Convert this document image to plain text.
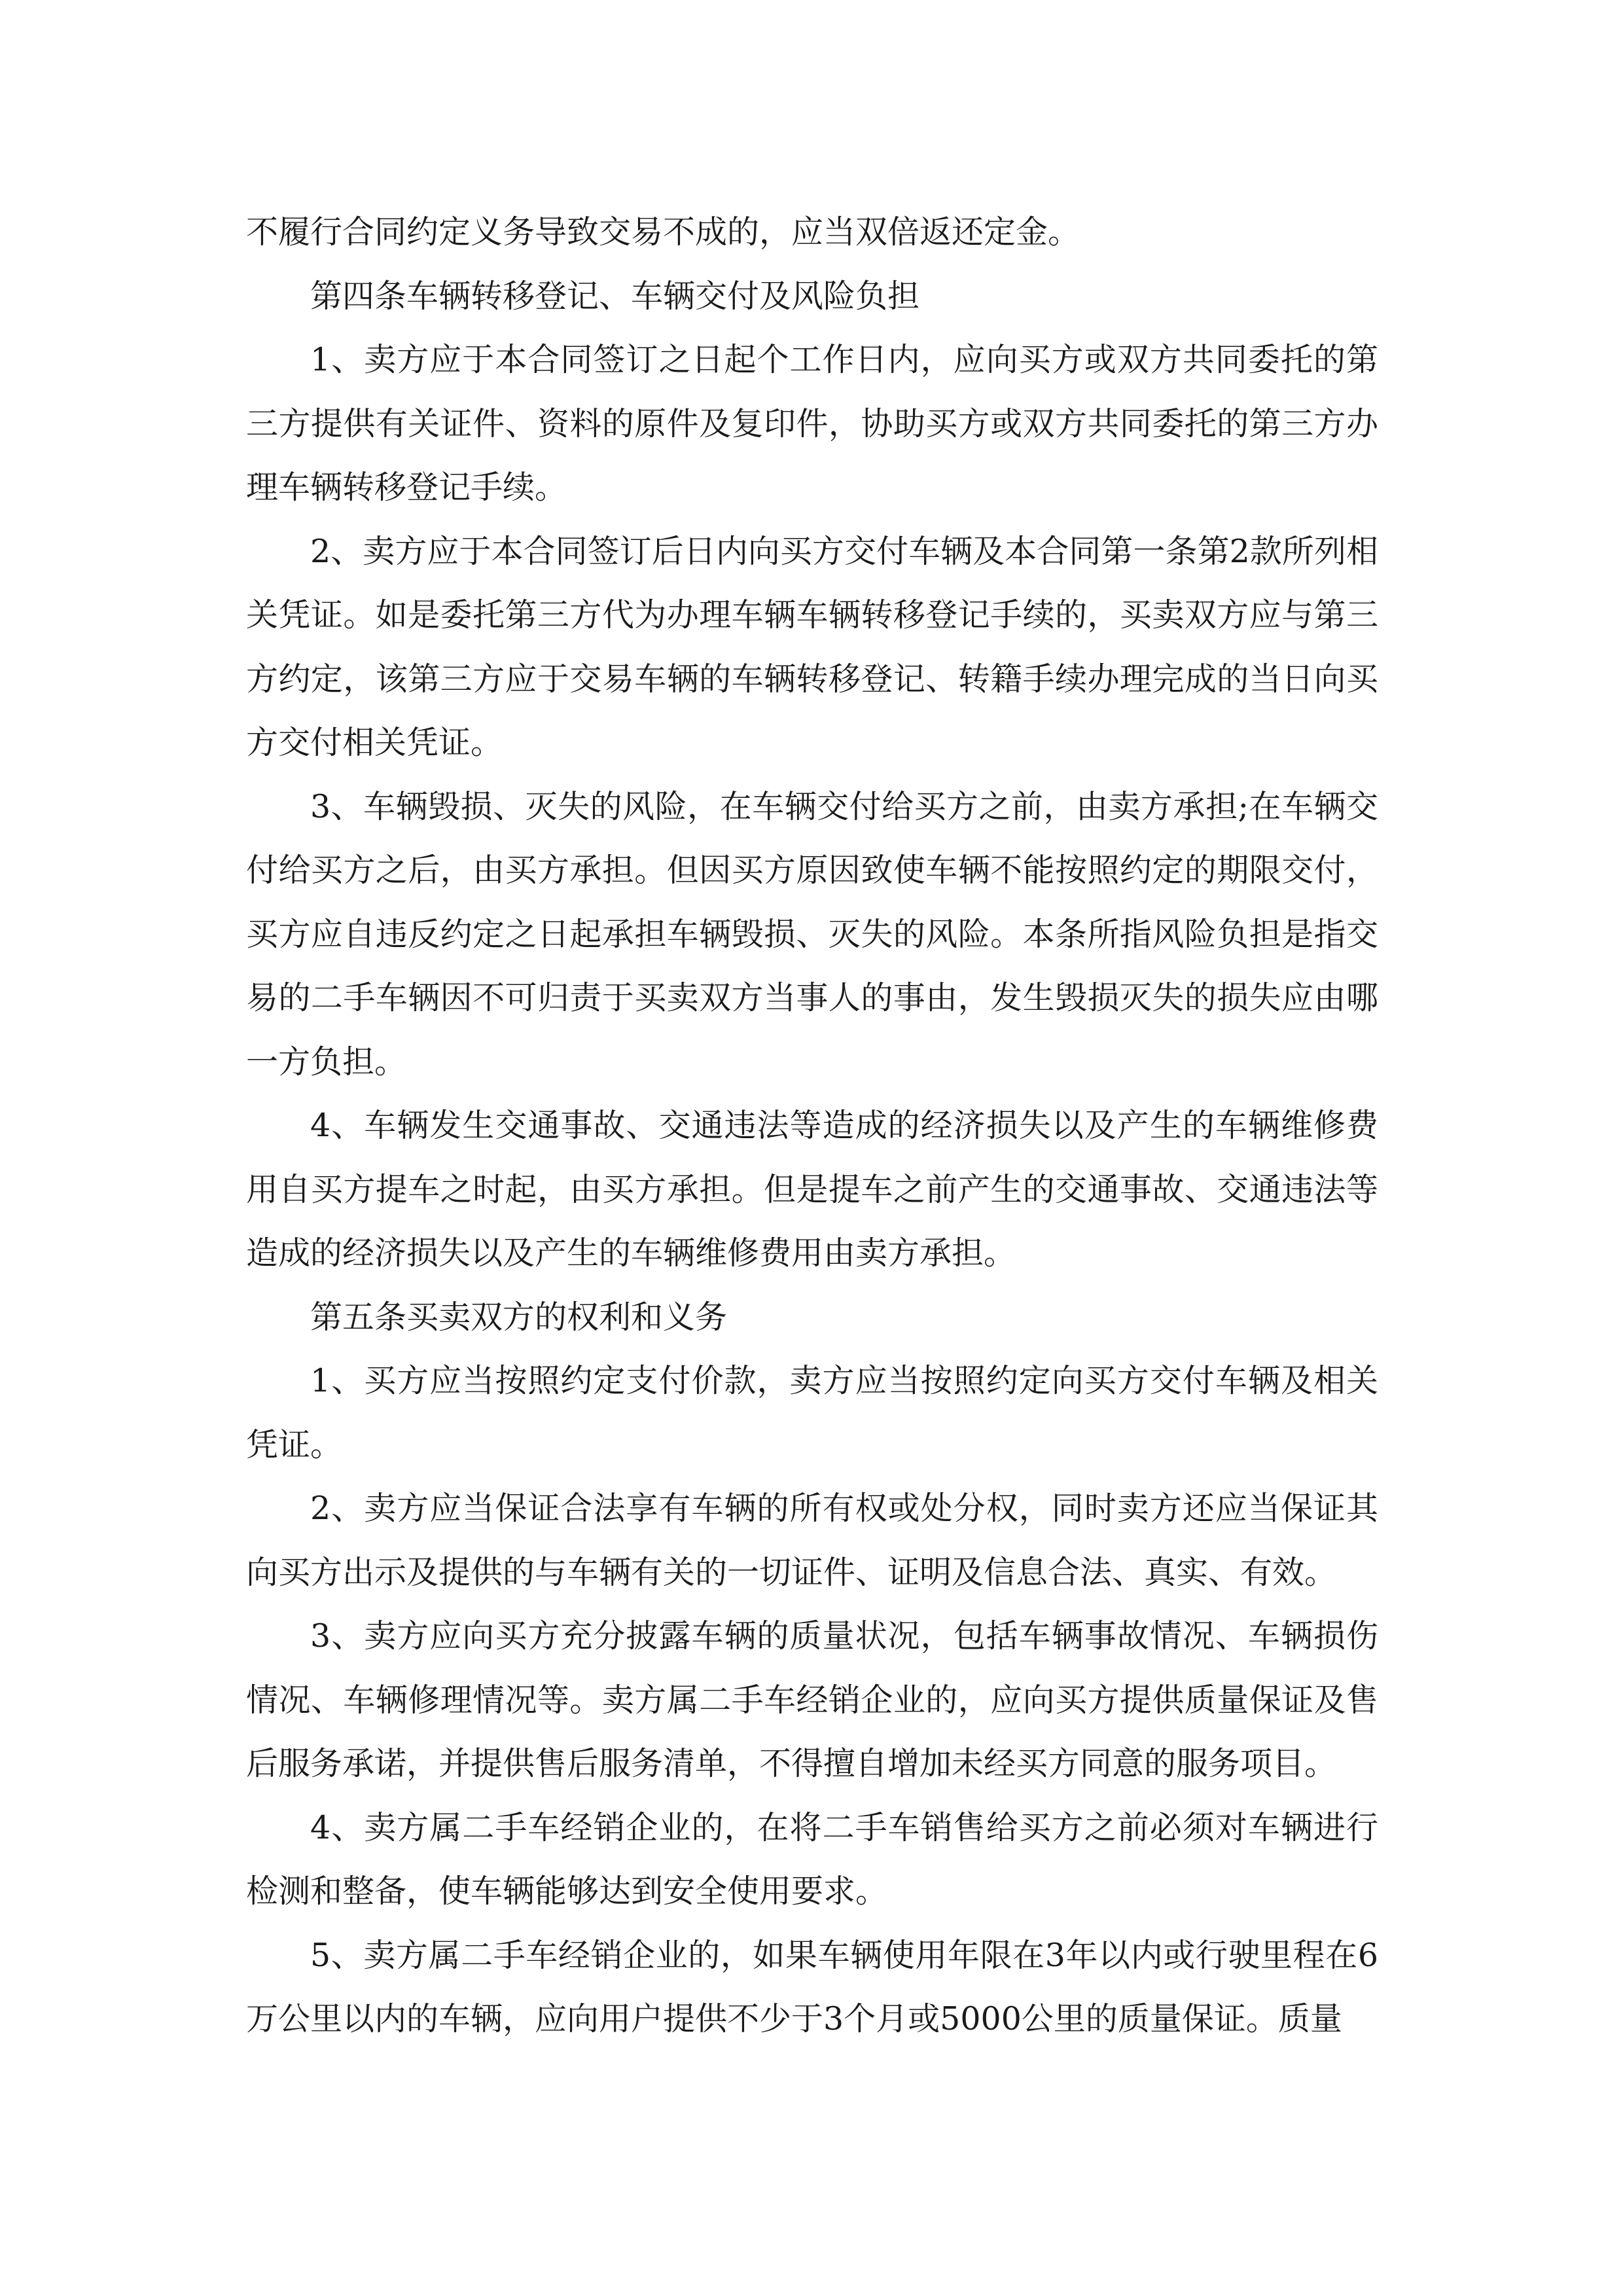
不履行合同约定义务导致交易不成的，应当双倍返还定金。

第四条车辆转移登记、车辆交付及风险负担

1、卖方应于本合同签订之日起个工作日内，应向买方或双方共同委托的第三方提供有关证件、资料的原件及复印件，协助买方或双方共同委托的第三方办理车辆转移登记手续。

2、卖方应于本合同签订后日内向买方交付车辆及本合同第一条第2款所列相关凭证。如是委托第三方代为办理车辆车辆转移登记手续的，买卖双方应与第三方约定，该第三方应于交易车辆的车辆转移登记、转籍手续办理完成的当日向买方交付相关凭证。

3、车辆毁损、灭失的风险，在车辆交付给买方之前，由卖方承担;在车辆交付给买方之后，由买方承担。但因买方原因致使车辆不能按照约定的期限交付，买方应自违反约定之日起承担车辆毁损、灭失的风险。本条所指风险负担是指交易的二手车辆因不可归责于买卖双方当事人的事由，发生毁损灭失的损失应由哪一方负担。

4、车辆发生交通事故、交通违法等造成的经济损失以及产生的车辆维修费用自买方提车之时起，由买方承担。但是提车之前产生的交通事故、交通违法等造成的经济损失以及产生的车辆维修费用由卖方承担。

第五条买卖双方的权利和义务

1、买方应当按照约定支付价款，卖方应当按照约定向买方交付车辆及相关凭证。

2、卖方应当保证合法享有车辆的所有权或处分权，同时卖方还应当保证其向买方出示及提供的与车辆有关的一切证件、证明及信息合法、真实、有效。

3、卖方应向买方充分披露车辆的质量状况，包括车辆事故情况、车辆损伤情况、车辆修理情况等。卖方属二手车经销企业的，应向买方提供质量保证及售后服务承诺，并提供售后服务清单，不得擅自增加未经买方同意的服务项目。

4、卖方属二手车经销企业的，在将二手车销售给买方之前必须对车辆进行检测和整备，使车辆能够达到安全使用要求。

5、卖方属二手车经销企业的，如果车辆使用年限在3年以内或行驶里程在6万公里以内的车辆，应向用户提供不少于3个月或5000公里的质量保证。质量
